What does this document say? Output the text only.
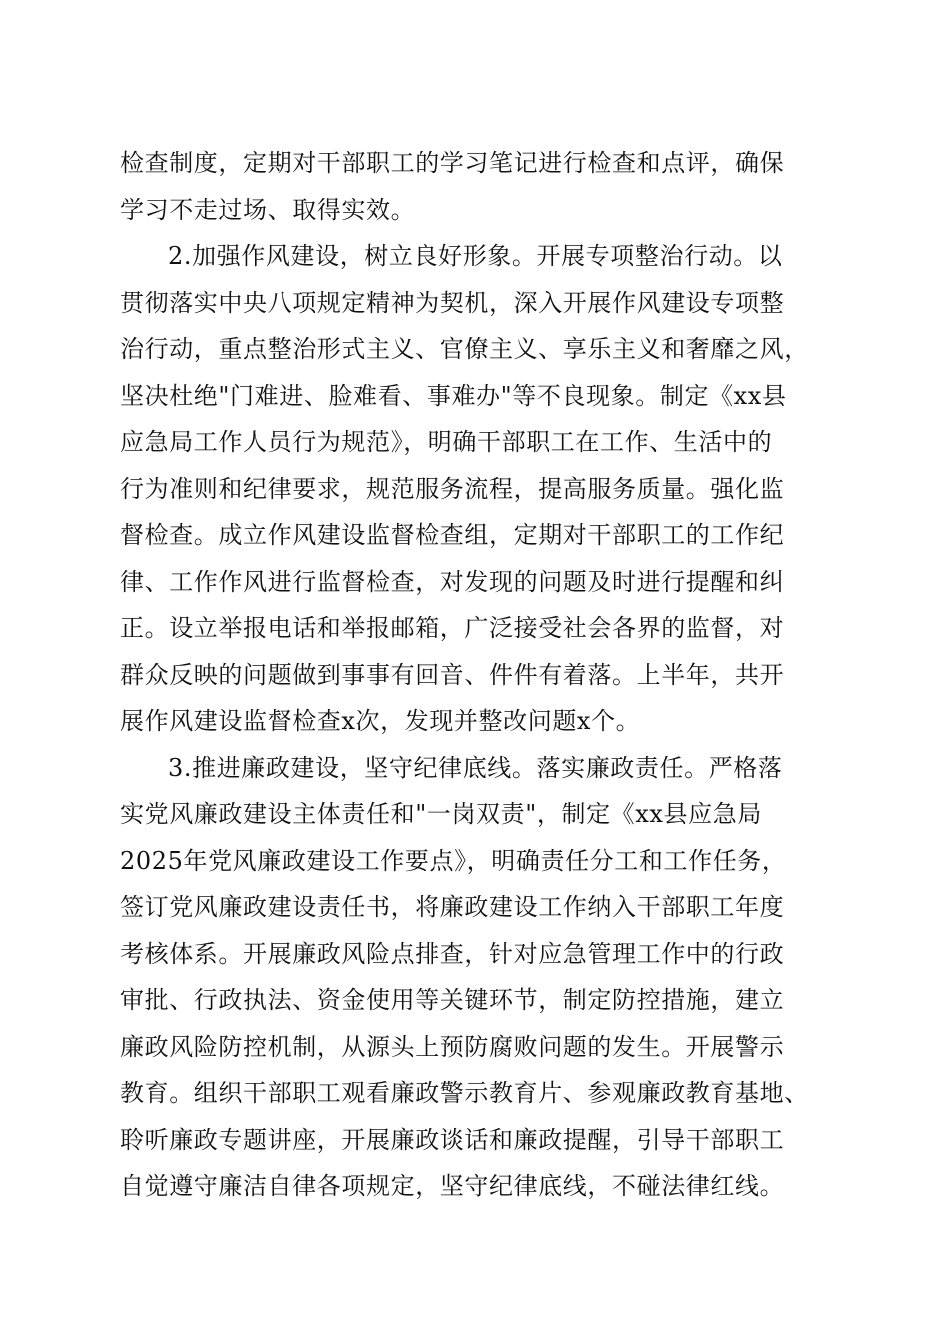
检查制度，定期对干部职工的学习笔记进行检查和点评，确保
学习不走过场、取得实效。
2.加强作风建设，树立良好形象。开展专项整治行动。以
贯彻落实中央八项规定精神为契机，深入开展作风建设专项整
治行动，重点整治形式主义、官僚主义、享乐主义和奢靡之风，
坚决杜绝"门难进、脸难看、事难办"等不良现象。制定《xx县
应急局工作人员行为规范》，明确干部职工在工作、生活中的
行为准则和纪律要求，规范服务流程，提高服务质量。强化监
督检查。成立作风建设监督检查组，定期对干部职工的工作纪
律、工作作风进行监督检查，对发现的问题及时进行提醒和纠
正。设立举报电话和举报邮箱，广泛接受社会各界的监督，对
群众反映的问题做到事事有回音、件件有着落。上半年，共开
展作风建设监督检查x次，发现并整改问题x个。
3.推进廉政建设，坚守纪律底线。落实廉政责任。严格落
实党风廉政建设主体责任和"一岗双责"，制定《xx县应急局
2025年党风廉政建设工作要点》，明确责任分工和工作任务，
签订党风廉政建设责任书，将廉政建设工作纳入干部职工年度
考核体系。开展廉政风险点排查，针对应急管理工作中的行政
审批、行政执法、资金使用等关键环节，制定防控措施，建立
廉政风险防控机制，从源头上预防腐败问题的发生。开展警示
教育。组织干部职工观看廉政警示教育片、参观廉政教育基地、
聆听廉政专题讲座，开展廉政谈话和廉政提醒，引导干部职工
自觉遵守廉洁自律各项规定，坚守纪律底线，不碰法律红线。
